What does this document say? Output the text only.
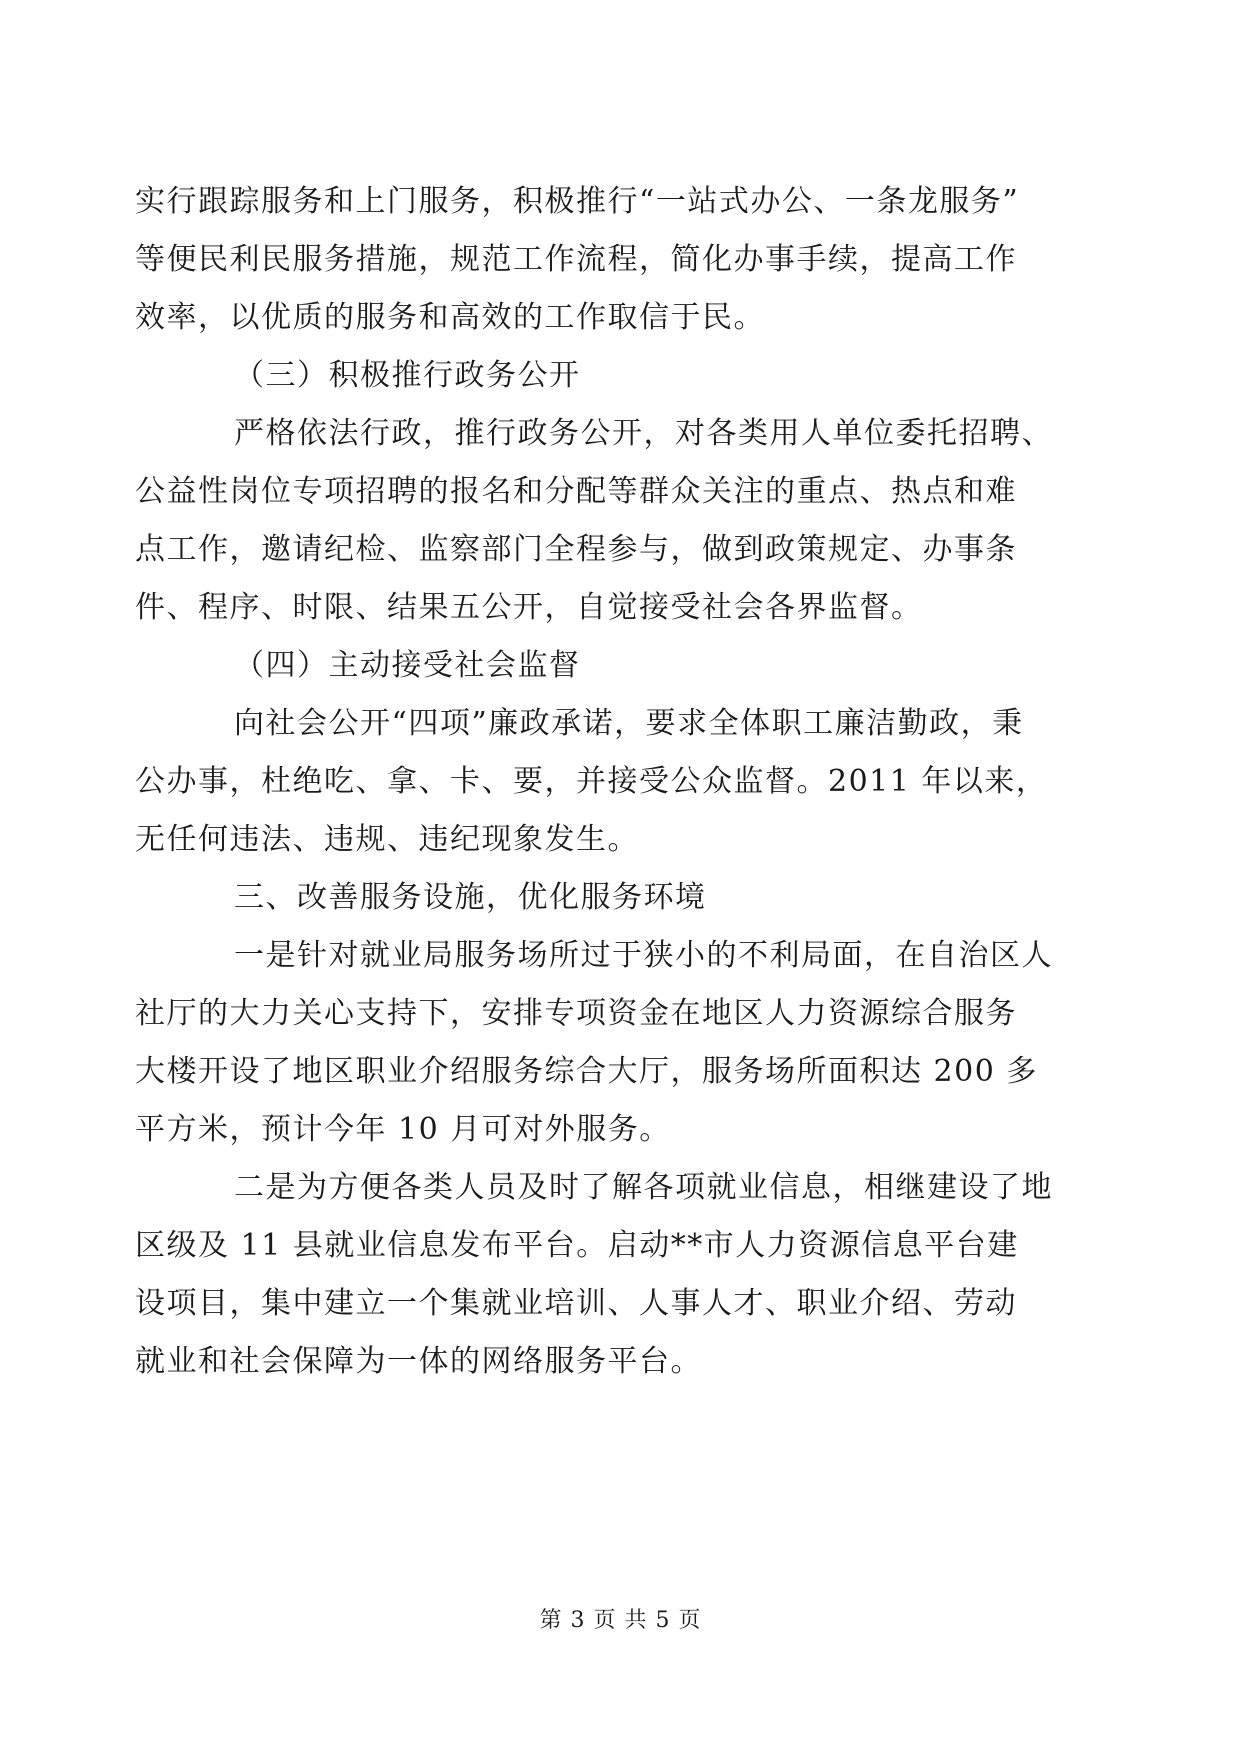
实行跟踪服务和上门服务，积极推行“一站式办公、一条龙服务”
等便民利民服务措施，规范工作流程，简化办事手续，提高工作
效率，以优质的服务和高效的工作取信于民。
（三）积极推行政务公开
严格依法行政，推行政务公开，对各类用人单位委托招聘、
公益性岗位专项招聘的报名和分配等群众关注的重点、热点和难
点工作，邀请纪检、监察部门全程参与，做到政策规定、办事条
件、程序、时限、结果五公开，自觉接受社会各界监督。
（四）主动接受社会监督
向社会公开“四项”廉政承诺，要求全体职工廉洁勤政，秉
公办事，杜绝吃、拿、卡、要，并接受公众监督。2011 年以来，
无任何违法、违规、违纪现象发生。
三、改善服务设施，优化服务环境
一是针对就业局服务场所过于狭小的不利局面，在自治区人
社厅的大力关心支持下，安排专项资金在地区人力资源综合服务
大楼开设了地区职业介绍服务综合大厅，服务场所面积达 200 多
平方米，预计今年 10 月可对外服务。
二是为方便各类人员及时了解各项就业信息，相继建设了地
区级及 11 县就业信息发布平台。启动**市人力资源信息平台建
设项目，集中建立一个集就业培训、人事人才、职业介绍、劳动
就业和社会保障为一体的网络服务平台。
第 3 页 共 5 页
